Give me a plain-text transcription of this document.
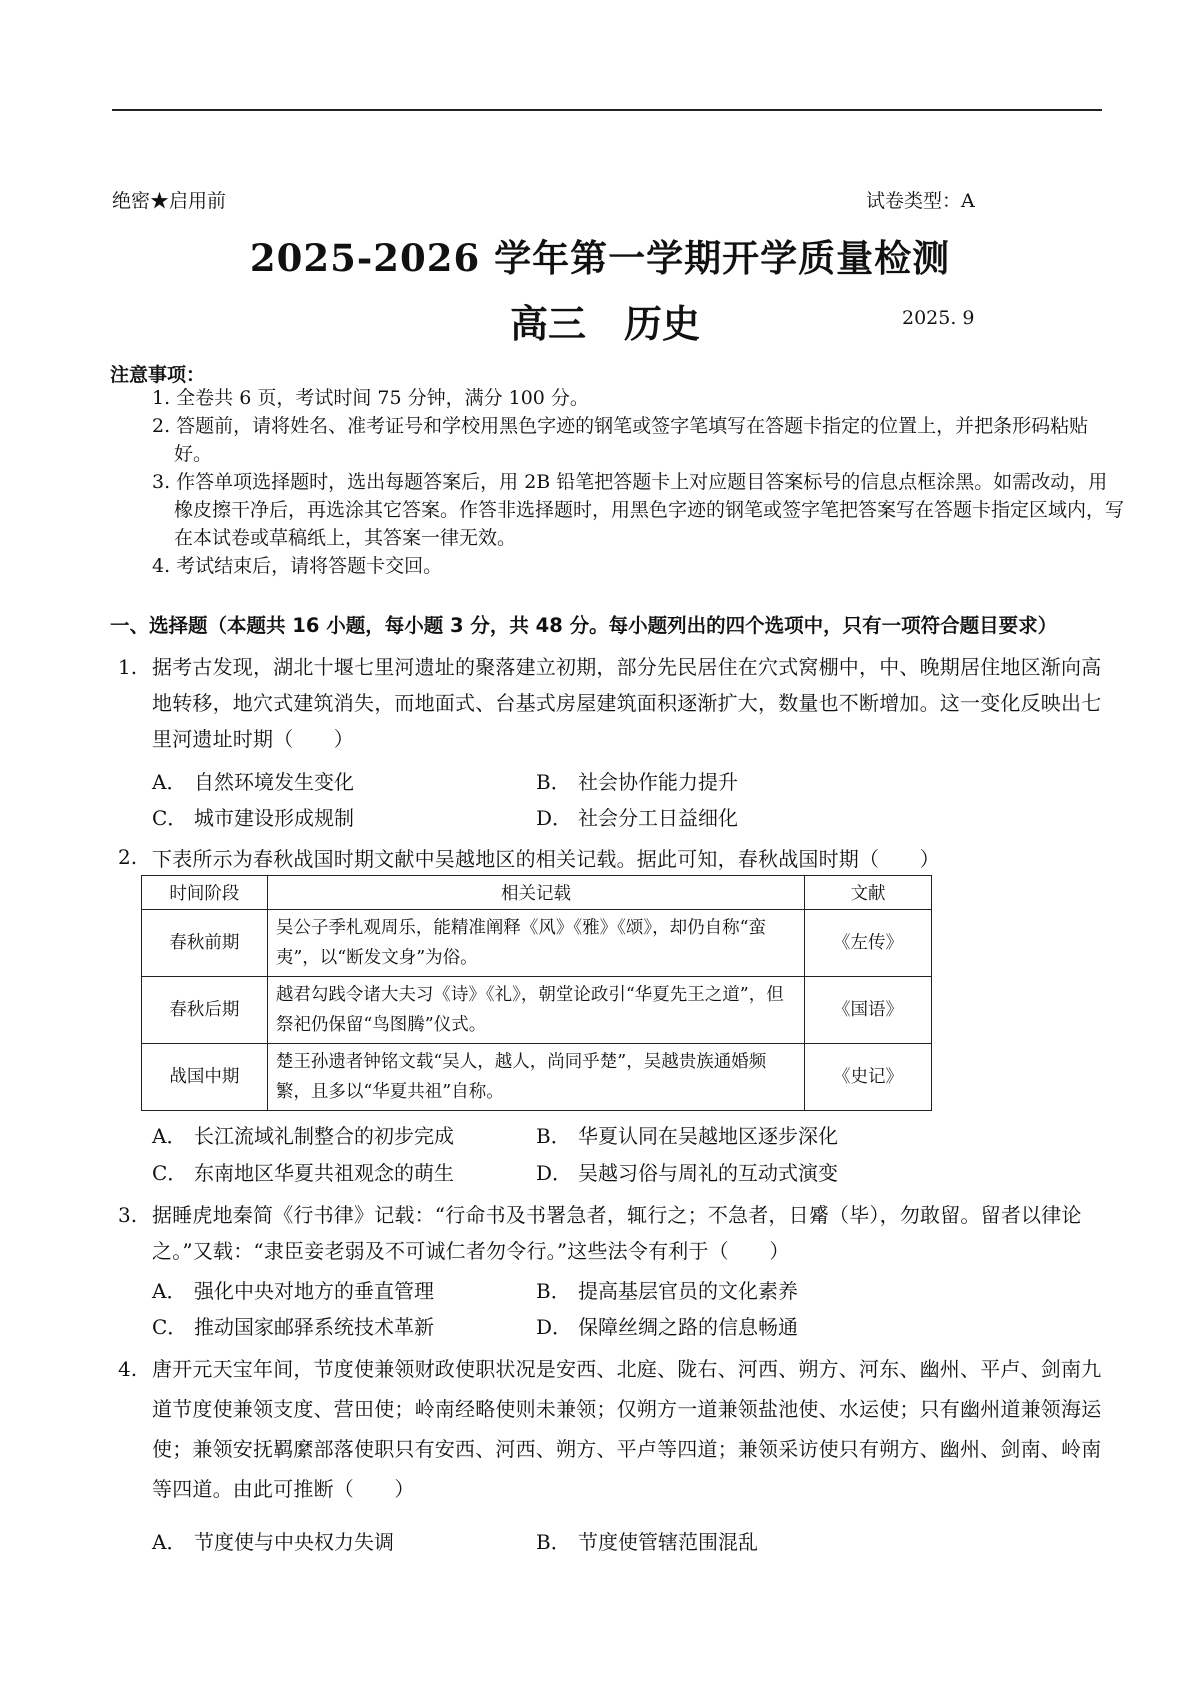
绝密★启用前	试卷类型：A
2025-2026 学年第一学期开学质量检测
高三　历史	2025. 9
注意事项：
1. 全卷共 6 页，考试时间 75 分钟，满分 100 分。
2. 答题前，请将姓名、准考证号和学校用黑色字迹的钢笔或签字笔填写在答题卡指定的位置上，并把条形码粘贴好。
3. 作答单项选择题时，选出每题答案后，用 2B 铅笔把答题卡上对应题目答案标号的信息点框涂黑。如需改动，用橡皮擦干净后，再选涂其它答案。作答非选择题时，用黑色字迹的钢笔或签字笔把答案写在答题卡指定区域内，写在本试卷或草稿纸上，其答案一律无效。
4. 考试结束后，请将答题卡交回。
一、选择题（本题共 16 小题，每小题 3 分，共 48 分。每小题列出的四个选项中，只有一项符合题目要求）
1. 据考古发现，湖北十堰七里河遗址的聚落建立初期，部分先民居住在穴式窝棚中，中、晚期居住地区渐向高地转移，地穴式建筑消失，而地面式、台基式房屋建筑面积逐渐扩大，数量也不断增加。这一变化反映出七里河遗址时期（　　）
A． 自然环境发生变化	B． 社会协作能力提升
C． 城市建设形成规制	D． 社会分工日益细化
2. 下表所示为春秋战国时期文献中吴越地区的相关记载。据此可知，春秋战国时期（　　）
时间阶段	相关记载	文献
春秋前期	吴公子季札观周乐，能精准阐释《风》《雅》《颂》，却仍自称“蛮夷”，以“断发文身”为俗。	《左传》
春秋后期	越君勾践令诸大夫习《诗》《礼》，朝堂论政引“华夏先王之道”，但祭祀仍保留“鸟图腾”仪式。	《国语》
战国中期	楚王孙遗者钟铭文载“吴人，越人，尚同乎楚”，吴越贵族通婚频繁，且多以“华夏共祖”自称。	《史记》
A． 长江流域礼制整合的初步完成	B． 华夏认同在吴越地区逐步深化
C． 东南地区华夏共祖观念的萌生	D． 吴越习俗与周礼的互动式演变
3. 据睡虎地秦简《行书律》记载：“行命书及书署急者，辄行之；不急者，日觱（毕），勿敢留。留者以律论之。”又载：“隶臣妾老弱及不可诚仁者勿令行。”这些法令有利于（　　）
A． 强化中央对地方的垂直管理	B． 提高基层官员的文化素养
C． 推动国家邮驿系统技术革新	D． 保障丝绸之路的信息畅通
4. 唐开元天宝年间，节度使兼领财政使职状况是安西、北庭、陇右、河西、朔方、河东、幽州、平卢、剑南九道节度使兼领支度、营田使；岭南经略使则未兼领；仅朔方一道兼领盐池使、水运使；只有幽州道兼领海运使；兼领安抚羁縻部落使职只有安西、河西、朔方、平卢等四道；兼领采访使只有朔方、幽州、剑南、岭南等四道。由此可推断（　　）
A． 节度使与中央权力失调	B． 节度使管辖范围混乱
